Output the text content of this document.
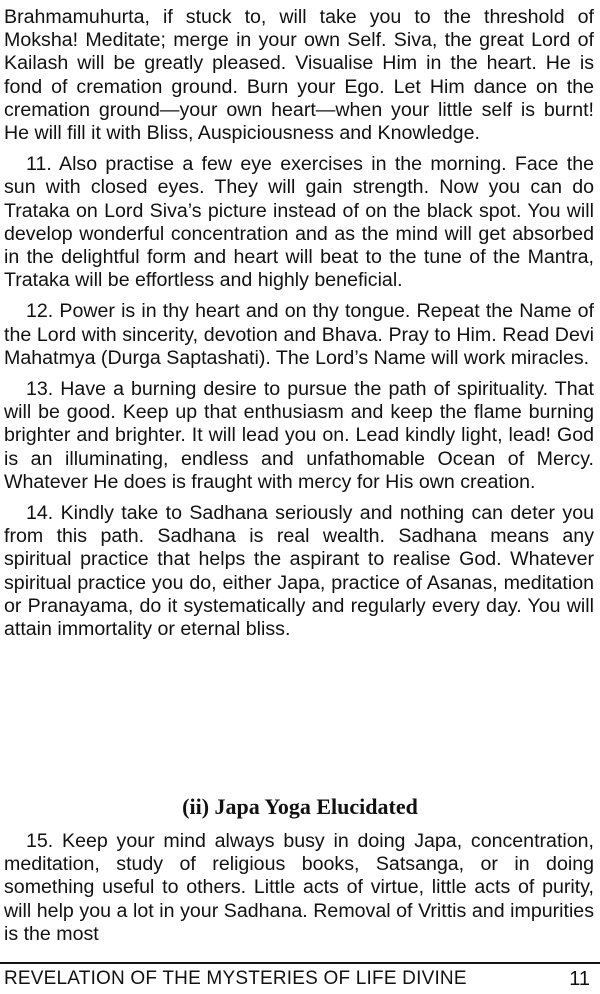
Brahmamuhurta, if stuck to, will take you to the threshold of Moksha! Meditate; merge in your own Self. Siva, the great Lord of Kailash will be greatly pleased. Visualise Him in the heart. He is fond of cremation ground. Burn your Ego. Let Him dance on the cremation ground—your own heart—when your little self is burnt! He will fill it with Bliss, Auspiciousness and Knowledge.

11. Also practise a few eye exercises in the morning. Face the sun with closed eyes. They will gain strength. Now you can do Trataka on Lord Siva’s picture instead of on the black spot. You will develop wonderful concentration and as the mind will get absorbed in the delightful form and heart will beat to the tune of the Mantra, Trataka will be effortless and highly beneficial.

12. Power is in thy heart and on thy tongue. Repeat the Name of the Lord with sincerity, devotion and Bhava. Pray to Him. Read Devi Mahatmya (Durga Saptashati). The Lord’s Name will work miracles.

13. Have a burning desire to pursue the path of spirituality. That will be good. Keep up that enthusiasm and keep the flame burning brighter and brighter. It will lead you on. Lead kindly light, lead! God is an illuminating, endless and unfathomable Ocean of Mercy. Whatever He does is fraught with mercy for His own creation.

14. Kindly take to Sadhana seriously and nothing can deter you from this path. Sadhana is real wealth. Sadhana means any spiritual practice that helps the aspirant to realise God. Whatever spiritual practice you do, either Japa, practice of Asanas, meditation or Pranayama, do it systematically and regularly every day. You will attain immortality or eternal bliss.

(ii) Japa Yoga Elucidated

15. Keep your mind always busy in doing Japa, concentration, meditation, study of religious books, Satsanga, or in doing something useful to others. Little acts of virtue, little acts of purity, will help you a lot in your Sadhana. Removal of Vrittis and impurities is the most

REVELATION OF THE MYSTERIES OF LIFE DIVINE	11
